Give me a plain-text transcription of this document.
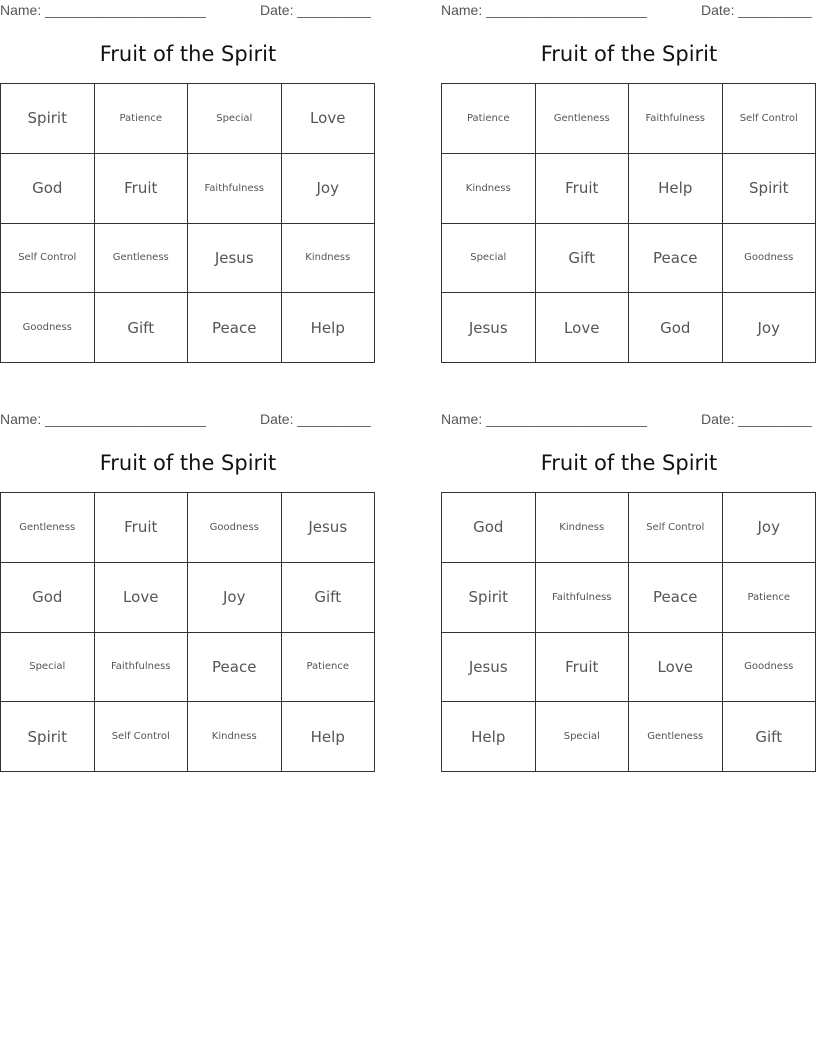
Name: ______________________	Date: __________
Fruit of the Spirit
Spirit	Patience	Special	Love
God	Fruit	Faithfulness	Joy
Self Control	Gentleness	Jesus	Kindness
Goodness	Gift	Peace	Help
Name: ______________________	Date: __________
Fruit of the Spirit
Patience	Gentleness	Faithfulness	Self Control
Kindness	Fruit	Help	Spirit
Special	Gift	Peace	Goodness
Jesus	Love	God	Joy
Name: ______________________	Date: __________
Fruit of the Spirit
Gentleness	Fruit	Goodness	Jesus
God	Love	Joy	Gift
Special	Faithfulness	Peace	Patience
Spirit	Self Control	Kindness	Help
Name: ______________________	Date: __________
Fruit of the Spirit
God	Kindness	Self Control	Joy
Spirit	Faithfulness	Peace	Patience
Jesus	Fruit	Love	Goodness
Help	Special	Gentleness	Gift
